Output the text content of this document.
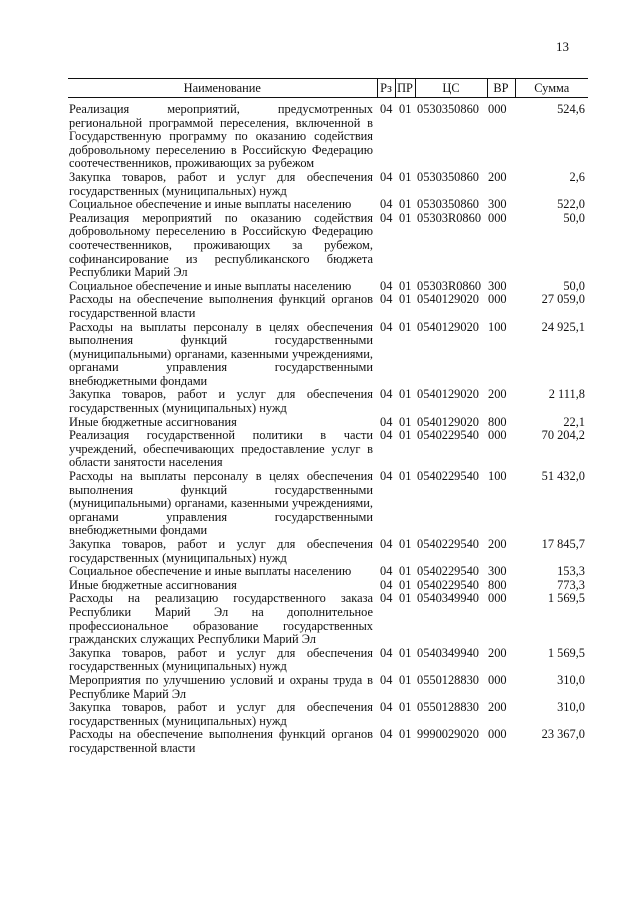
13
Наименование	Рз	ПР	ЦС	ВР	Сумма
Реализация мероприятий, предусмотренных региональной программой переселения, включенной в Государственную программу по оказанию содействия добровольному переселению в Российскую Федерацию соотечественников, проживающих за рубежом	04	01	0530350860	000	524,6
Закупка товаров, работ и услуг для обеспечения государственных (муниципальных) нужд	04	01	0530350860	200	2,6
Социальное обеспечение и иные выплаты населению	04	01	0530350860	300	522,0
Реализация мероприятий по оказанию содействия добровольному переселению в Российскую Федерацию соотечественников, проживающих за рубежом, софинансирование из республиканского бюджета Республики Марий Эл	04	01	05303R0860	000	50,0
Социальное обеспечение и иные выплаты населению	04	01	05303R0860	300	50,0
Расходы на обеспечение выполнения функций органов государственной власти	04	01	0540129020	000	27 059,0
Расходы на выплаты персоналу в целях обеспечения выполнения функций государственными (муниципальными) органами, казенными учреждениями, органами управления государственными внебюджетными фондами	04	01	0540129020	100	24 925,1
Закупка товаров, работ и услуг для обеспечения государственных (муниципальных) нужд	04	01	0540129020	200	2 111,8
Иные бюджетные ассигнования	04	01	0540129020	800	22,1
Реализация государственной политики в части учреждений, обеспечивающих предоставление услуг в области занятости населения	04	01	0540229540	000	70 204,2
Расходы на выплаты персоналу в целях обеспечения выполнения функций государственными (муниципальными) органами, казенными учреждениями, органами управления государственными внебюджетными фондами	04	01	0540229540	100	51 432,0
Закупка товаров, работ и услуг для обеспечения государственных (муниципальных) нужд	04	01	0540229540	200	17 845,7
Социальное обеспечение и иные выплаты населению	04	01	0540229540	300	153,3
Иные бюджетные ассигнования	04	01	0540229540	800	773,3
Расходы на реализацию государственного заказа Республики Марий Эл на дополнительное профессиональное образование государственных гражданских служащих Республики Марий Эл	04	01	0540349940	000	1 569,5
Закупка товаров, работ и услуг для обеспечения государственных (муниципальных) нужд	04	01	0540349940	200	1 569,5
Мероприятия по улучшению условий и охраны труда в Республике Марий Эл	04	01	0550128830	000	310,0
Закупка товаров, работ и услуг для обеспечения государственных (муниципальных) нужд	04	01	0550128830	200	310,0
Расходы на обеспечение выполнения функций органов государственной власти	04	01	9990029020	000	23 367,0
